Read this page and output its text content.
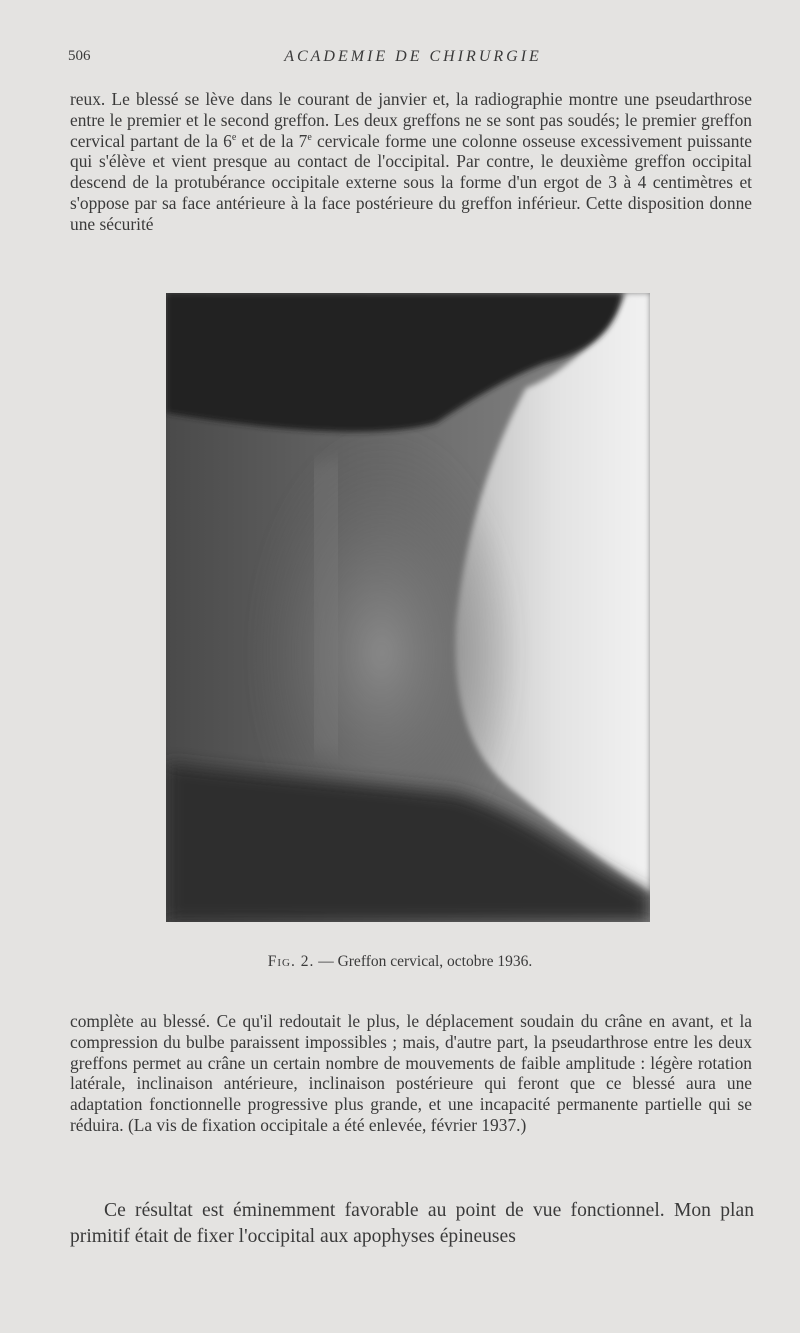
506	ACADEMIE DE CHIRURGIE

reux. Le blessé se lève dans le courant de janvier et, la radiographie montre une pseudarthrose entre le premier et le second greffon. Les deux greffons ne se sont pas soudés; le premier greffon cervical partant de la 6e et de la 7e cervicale forme une colonne osseuse excessivement puissante qui s'élève et vient presque au contact de l'occipital. Par contre, le deuxième greffon occipital descend de la protubérance occipitale externe sous la forme d'un ergot de 3 à 4 centimètres et s'oppose par sa face antérieure à la face postérieure du greffon inférieur. Cette disposition donne une sécurité

Fig. 2. — Greffon cervical, octobre 1936.

complète au blessé. Ce qu'il redoutait le plus, le déplacement soudain du crâne en avant, et la compression du bulbe paraissent impossibles ; mais, d'autre part, la pseudarthrose entre les deux greffons permet au crâne un certain nombre de mouvements de faible amplitude : légère rotation latérale, inclinaison antérieure, inclinaison postérieure qui feront que ce blessé aura une adaptation fonctionnelle progressive plus grande, et une incapacité permanente partielle qui se réduira. (La vis de fixation occipitale a été enlevée, février 1937.)

Ce résultat est éminemment favorable au point de vue fonctionnel. Mon plan primitif était de fixer l'occipital aux apophyses épineuses
